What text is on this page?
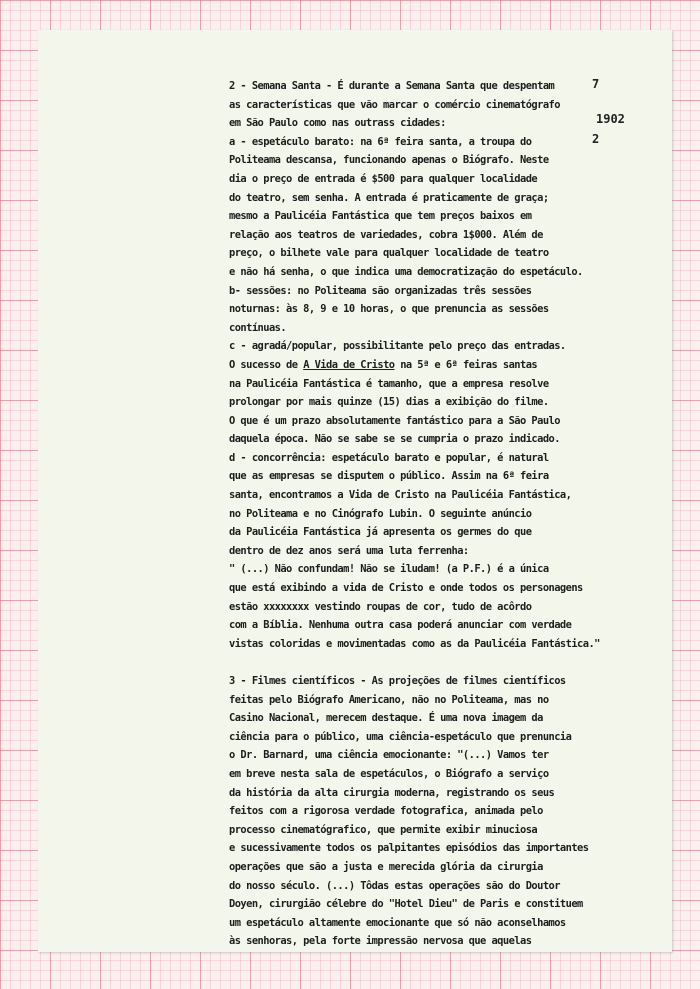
7
1902
2
2 - Semana Santa - É durante a Semana Santa que despentam
as características que vão marcar o comércio cinematógrafo
em São Paulo como nas outrass cidades:
a - espetáculo barato: na 6ª feira santa, a troupa do
Politeama descansa, funcionando apenas o Biógrafo. Neste
dia o preço de entrada é $500 para qualquer localidade
do teatro, sem senha. A entrada é praticamente de graça;
mesmo a Paulicéia Fantástica que tem preços baixos em
relação aos teatros de variedades, cobra 1$000. Além de
preço, o bilhete vale para qualquer localidade de teatro
e não há senha, o que indica uma democratização do espetáculo.
b- sessões: no Politeama são organizadas três sessões
noturnas: às 8, 9 e 10 horas, o que prenuncia as sessões
contínuas.
c - agradá/popular, possibilitante pelo preço das entradas.
O sucesso de A Vida de Cristo na 5ª e 6ª feiras santas
na Paulicéia Fantástica é tamanho, que a empresa resolve
prolongar por mais quinze (15) dias a exibição do filme.
O que é um prazo absolutamente fantástico para a São Paulo
daquela época. Não se sabe se se cumpria o prazo indicado.
d - concorrência: espetáculo barato e popular, é natural
que as empresas se disputem o público. Assim na 6ª feira
santa, encontramos a Vida de Cristo na Paulicéia Fantástica,
no Politeama e no Cinógrafo Lubin. O seguinte anúncio
da Paulicéia Fantástica já apresenta os germes do que
dentro de dez anos será uma luta ferrenha:
" (...) Não confundam! Não se iludam! (a P.F.) é a única
que está exibindo a vida de Cristo e onde todos os personagens
estão xxxxxxxx vestindo roupas de cor, tudo de acôrdo
com a Bíblia. Nenhuma outra casa poderá anunciar com verdade
vistas coloridas e movimentadas como as da Paulicéia Fantástica."
3 - Filmes científicos - As projeções de filmes científicos
feitas pelo Biógrafo Americano, não no Politeama, mas no
Casino Nacional, merecem destaque. É uma nova imagem da
ciência para o público, uma ciência-espetáculo que prenuncia
o Dr. Barnard, uma ciência emocionante: "(...) Vamos ter
em breve nesta sala de espetáculos, o Biógrafo a serviço
da história da alta cirurgia moderna, registrando os seus
feitos com a rigorosa verdade fotografica, animada pelo
processo cinematógrafico, que permite exibir minuciosa
e sucessivamente todos os palpitantes episódios das importantes
operações que são a justa e merecida glória da cirurgia
do nosso século. (...) Tôdas estas operações são do Doutor
Doyen, cirurgião célebre do "Hotel Dieu" de Paris e constituem
um espetáculo altamente emocionante que só não aconselhamos
às senhoras, pela forte impressão nervosa que aquelas
